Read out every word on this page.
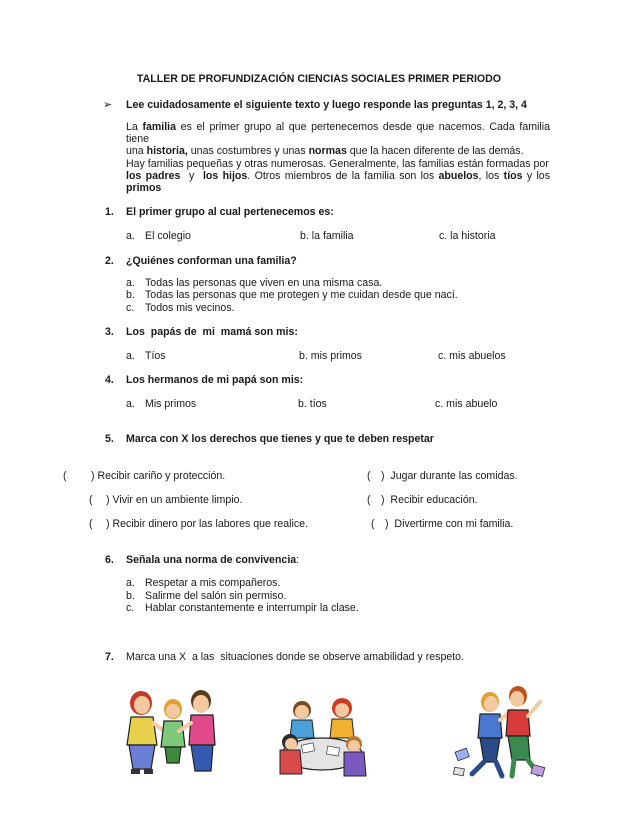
TALLER DE PROFUNDIZACIÓN CIENCIAS SOCIALES PRIMER PERIODO
➢ Lee cuidadosamente el siguiente texto y luego responde las preguntas 1, 2, 3, 4

La familia es el primer grupo al que pertenecemos desde que nacemos. Cada familia tiene

una historia, unas costumbres y unas normas que la hacen diferente de las demás.

Hay familias pequeñas y otras numerosas. Generalmente, las familias están formadas por

los padres  y  los hijos. Otros miembros de la familia son los abuelos, los tíos y los

primos

1. El primer grupo al cual pertenecemos es:
a. El colegio	b. la familia	c. la historia
2. ¿Quiénes conforman una familia?
a. Todas las personas que viven en una misma casa.
b. Todas las personas que me protegen y me cuidan desde que nací.
c. Todos mis vecinos.
3. Los  papás de  mi  mamá son mis:
a. Tíos	b. mis primos	c. mis abuelos
4. Los hermanos de mi papá son mis:
a. Mis primos	b. tíos	c. mis abuelo
5. Marca con X los derechos que tienes y que te deben respetar
( ) Recibir cariño y protección.	( )  Jugar durante las comidas.
( ) Vivir en un ambiente limpio.	( )  Recibir educación.
( ) Recibir dinero por las labores que realice.	( )  Divertirme con mi familia.
6. Señala una norma de convivencia:
a. Respetar a mis compañeros.
b. Salirme del salón sin permiso.
c. Hablar constantemente e interrumpir la clase.
7. Marca una X  a las  situaciones donde se observe amabilidad y respeto.
